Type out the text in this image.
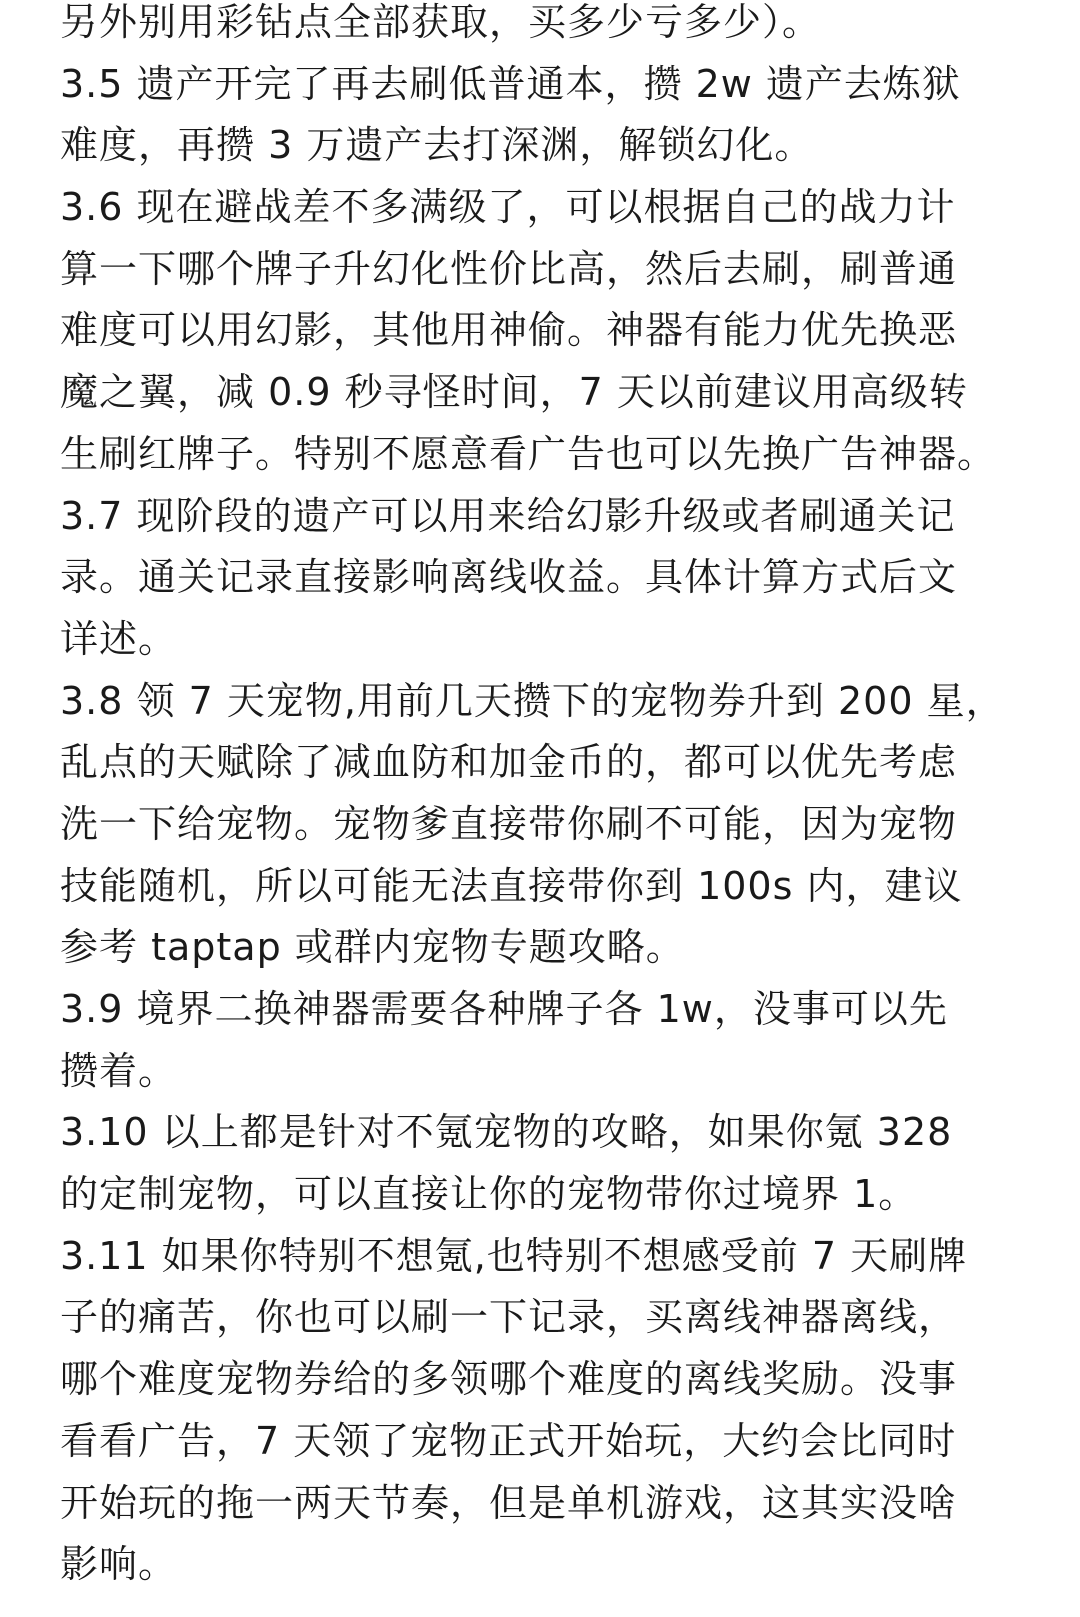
另外别用彩钻点全部获取，买多少亏多少）。
3.5 遗产开完了再去刷低普通本，攒 2w 遗产去炼狱
难度，再攒 3 万遗产去打深渊，解锁幻化。
3.6 现在避战差不多满级了，可以根据自己的战力计
算一下哪个牌子升幻化性价比高，然后去刷，刷普通
难度可以用幻影，其他用神偷。神器有能力优先换恶
魔之翼，减 0.9 秒寻怪时间，7 天以前建议用高级转
生刷红牌子。特别不愿意看广告也可以先换广告神器。
3.7 现阶段的遗产可以用来给幻影升级或者刷通关记
录。通关记录直接影响离线收益。具体计算方式后文
详述。
3.8 领 7 天宠物,用前几天攒下的宠物券升到 200 星，
乱点的天赋除了减血防和加金币的，都可以优先考虑
洗一下给宠物。宠物爹直接带你刷不可能，因为宠物
技能随机，所以可能无法直接带你到 100s 内，建议
参考 taptap 或群内宠物专题攻略。
3.9 境界二换神器需要各种牌子各 1w，没事可以先
攒着。
3.10 以上都是针对不氪宠物的攻略，如果你氪 328
的定制宠物，可以直接让你的宠物带你过境界 1。
3.11 如果你特别不想氪,也特别不想感受前 7 天刷牌
子的痛苦，你也可以刷一下记录，买离线神器离线，
哪个难度宠物券给的多领哪个难度的离线奖励。没事
看看广告，7 天领了宠物正式开始玩，大约会比同时
开始玩的拖一两天节奏，但是单机游戏，这其实没啥
影响。
